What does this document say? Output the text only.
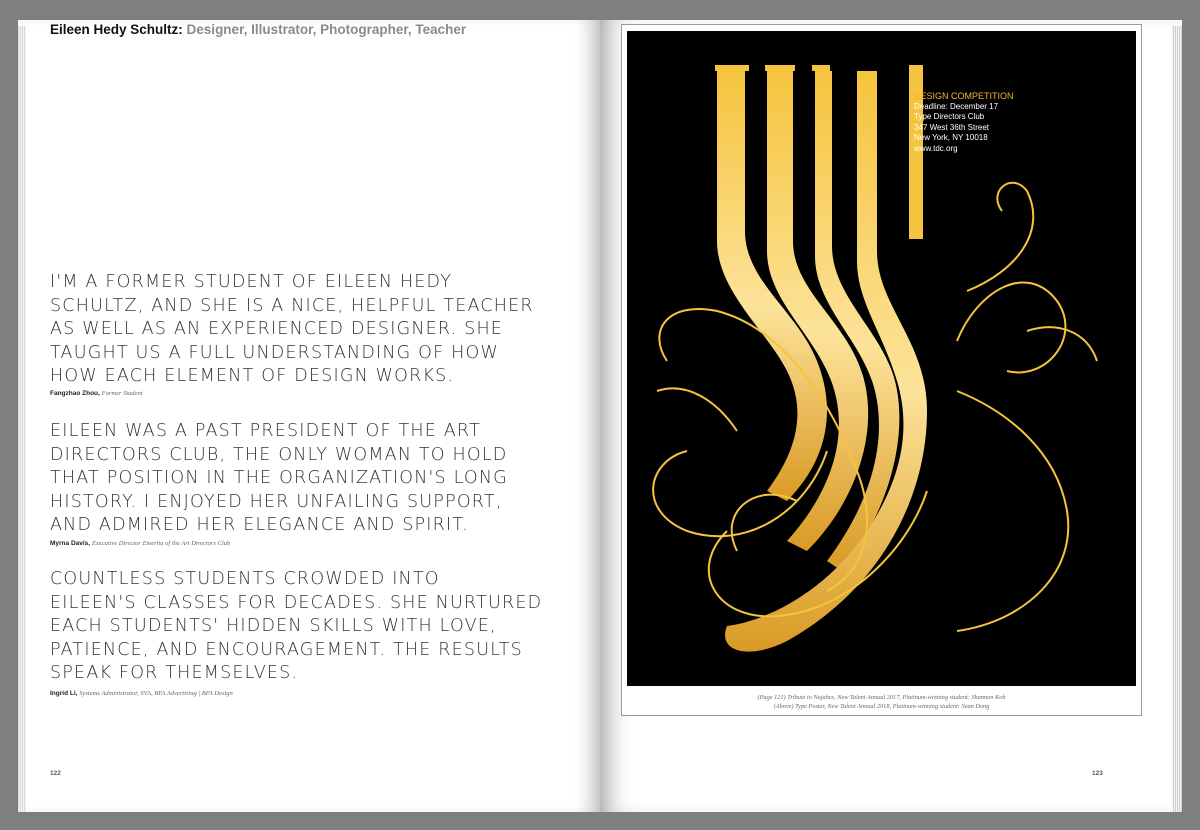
Eileen Hedy Schultz: Designer, Illustrator, Photographer, Teacher
I'M A FORMER STUDENT OF EILEEN HEDY
SCHULTZ, AND SHE IS A NICE, HELPFUL TEACHER
AS WELL AS AN EXPERIENCED DESIGNER. SHE
TAUGHT US A FULL UNDERSTANDING OF HOW
HOW EACH ELEMENT OF DESIGN WORKS.
Fangzhao Zhou, Former Student
EILEEN WAS A PAST PRESIDENT OF THE ART
DIRECTORS CLUB, THE ONLY WOMAN TO HOLD
THAT POSITION IN THE ORGANIZATION'S LONG
HISTORY. I ENJOYED HER UNFAILING SUPPORT,
AND ADMIRED HER ELEGANCE AND SPIRIT.
Myrna Davis, Executive Director Emerita of the Art Directors Club
COUNTLESS STUDENTS CROWDED INTO
EILEEN'S CLASSES FOR DECADES. SHE NURTURED
EACH STUDENTS' HIDDEN SKILLS WITH LOVE,
PATIENCE, AND ENCOURAGEMENT. THE RESULTS
SPEAK FOR THEMSELVES.
Ingrid Li, Systems Administrator, SVA, BFA Advertising | BFA Design
122	123
DESIGN COMPETITION
Deadline: December 17
Type Directors Club
347 West 36th Street
New York, NY 10018
www.tdc.org
(Page 121) Tribute to Nujabes, New Talent Annual 2017, Platinum-winning student: Shannon Koh
(Above) Type Poster, New Talent Annual 2018, Platinum-winning student: Sean Dong
